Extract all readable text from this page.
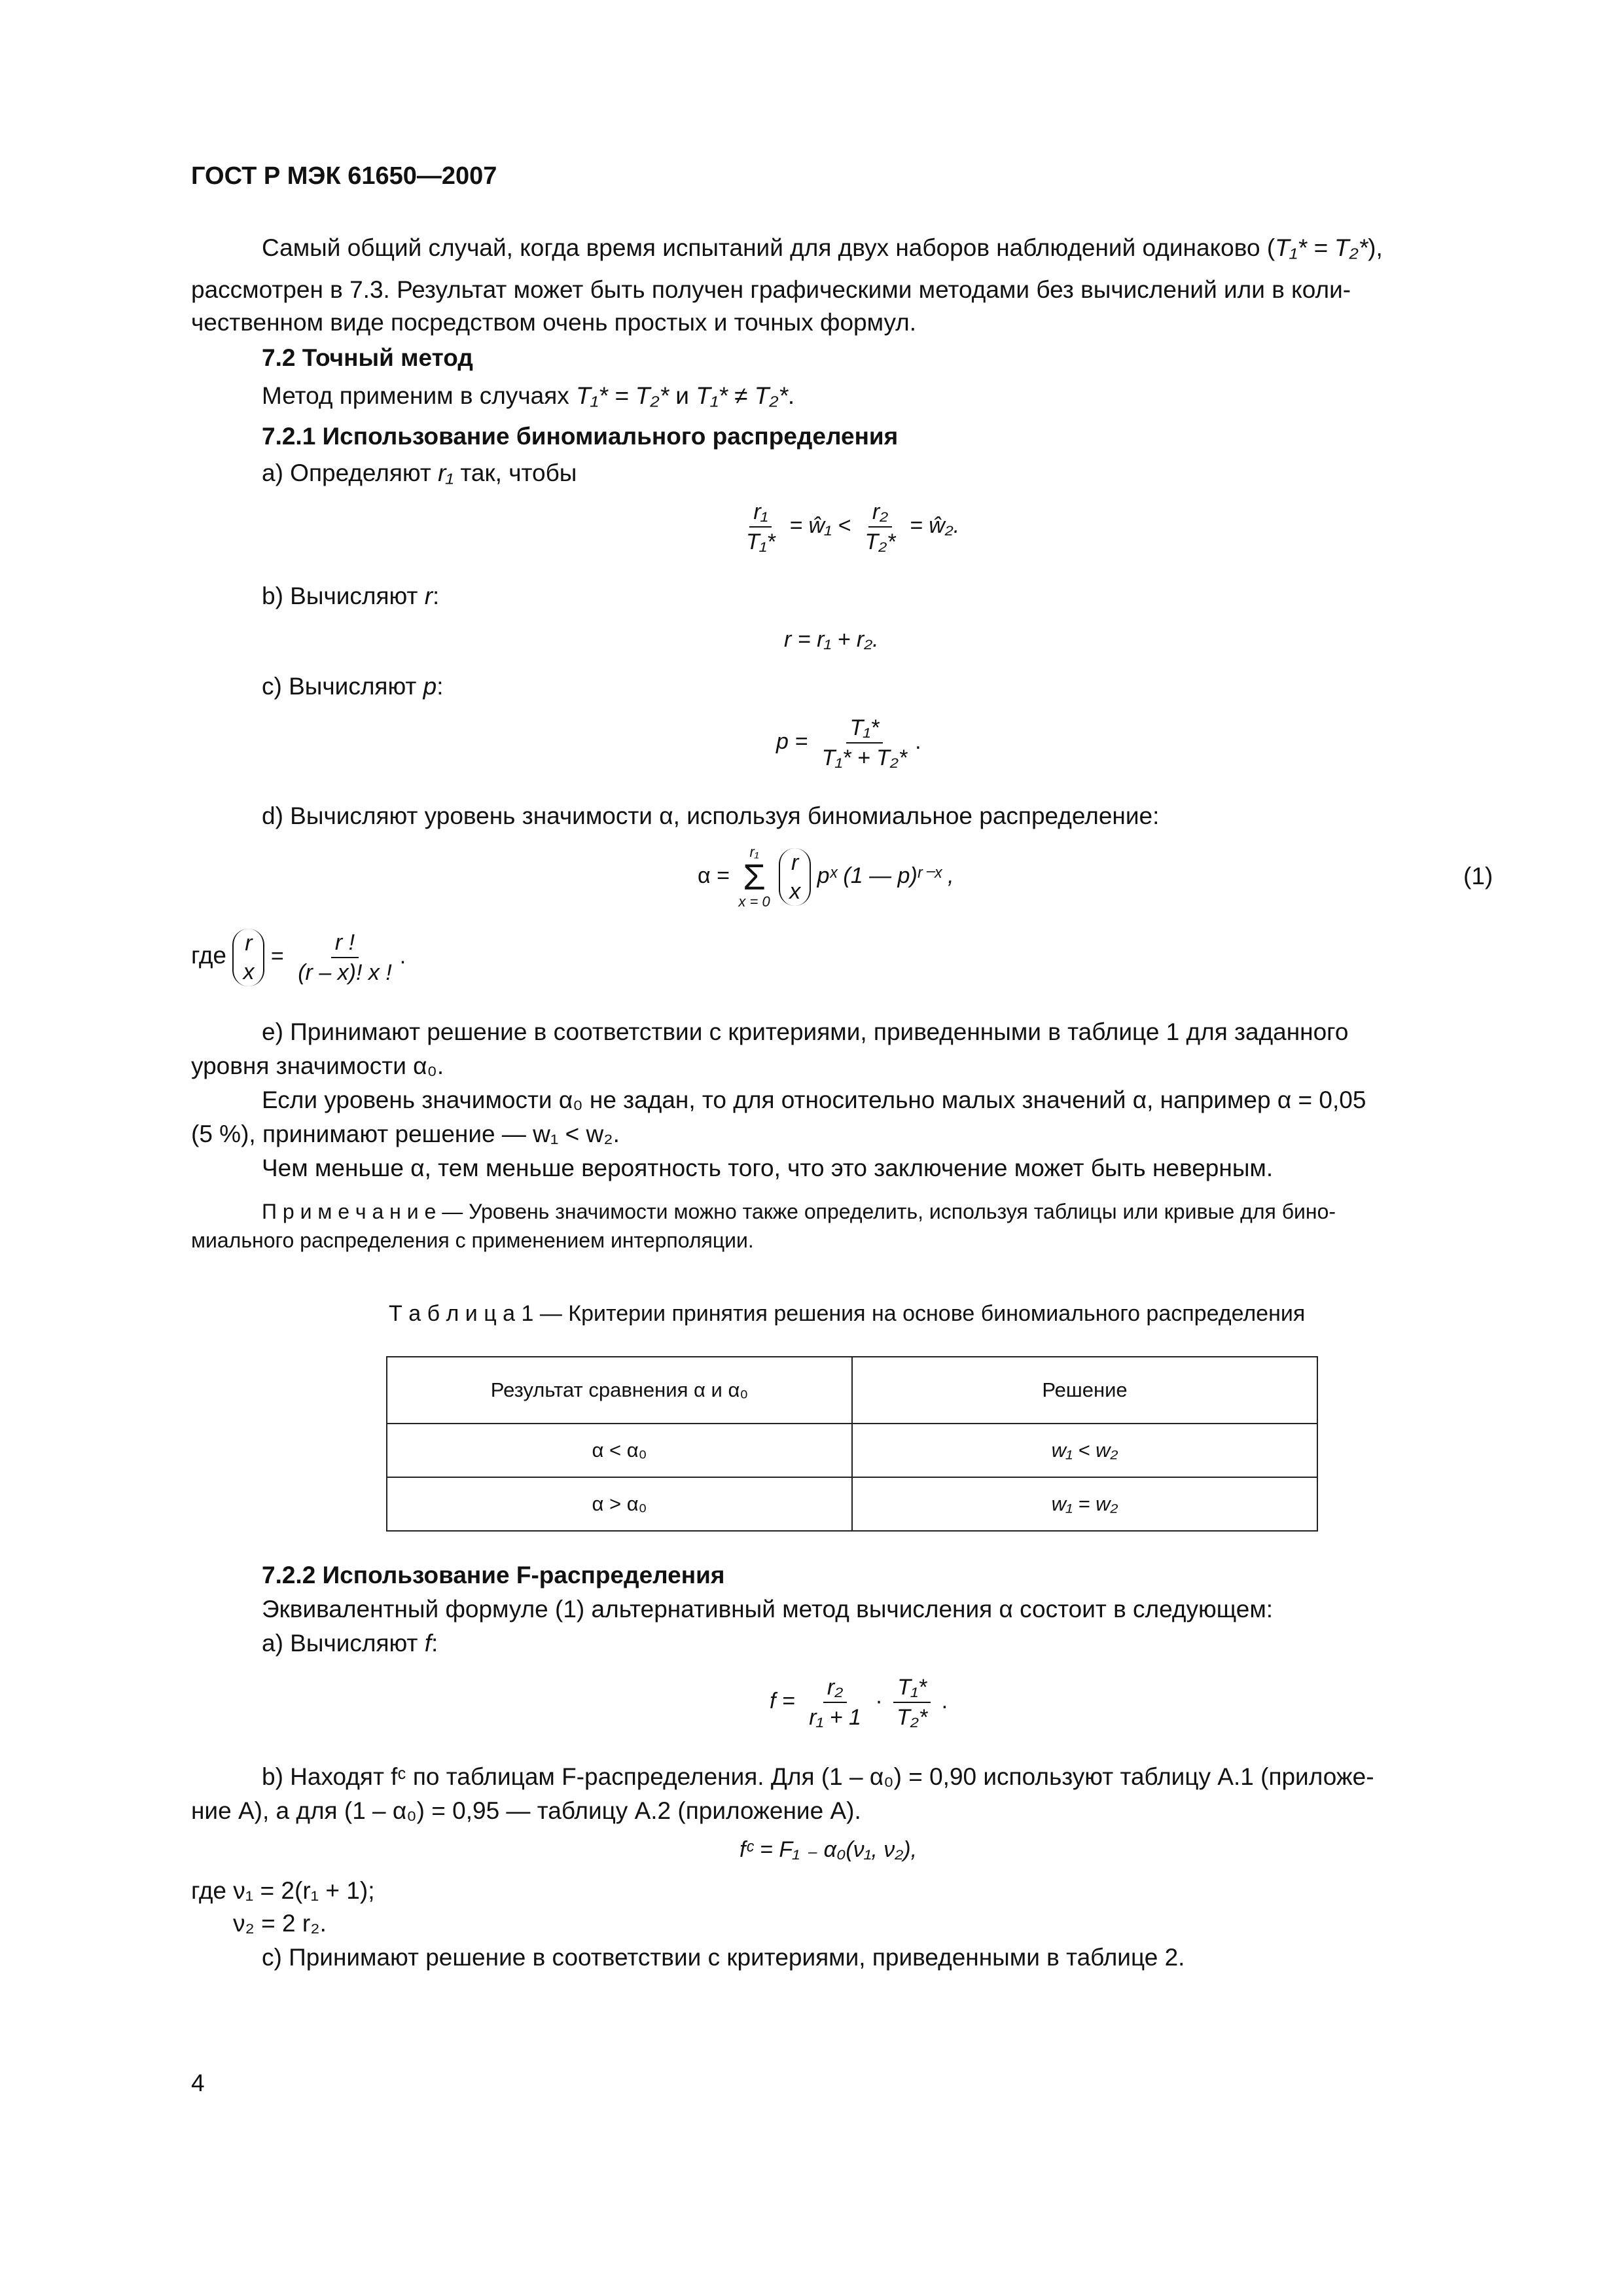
ГОСТ Р МЭК 61650—2007
Самый общий случай, когда время испытаний для двух наборов наблюдений одинаково (T₁* = T₂*),
рассмотрен в 7.3. Результат может быть получен графическими методами без вычислений или в коли-
чественном виде посредством очень простых и точных формул.
7.2 Точный метод
Метод применим в случаях T₁* = T₂* и T₁* ≠ T₂*.
7.2.1 Использование биномиального распределения
а) Определяют r₁ так, чтобы
$\frac{\text{r₁}}{\text{T₁*}}$ = ŵ₁ < $\frac{\text{r₂}}{\text{T₂*}}$ = ŵ₂.
b) Вычисляют r:
r = r₁ + r₂.
с) Вычисляют p:
$p = \frac{\text{T₁*}}{\text{T₁* + T₂*}}$ .
d) Вычисляют уровень значимости α, используя биномиальное распределение:
α =
r₁
Σ
x = 0

r
x
pˣ (1 — p)ʳ⁻ˣ ,	(1)
где r
x
= $\frac{r !}{(r - x)! x !}$ .
е) Принимают решение в соответствии с критериями, приведенными в таблице 1 для заданного
уровня значимости α₀.
Если уровень значимости α₀ не задан, то для относительно малых значений α, например α = 0,05
(5 %), принимают решение — w₁ < w₂.
Чем меньше α, тем меньше вероятность того, что это заключение может быть неверным.
П р и м е ч а н и е — Уровень значимости можно также определить, используя таблицы или кривые для бино-
миального распределения с применением интерполяции.
Т а б л и ц а 1 — Критерии принятия решения на основе биномиального распределения
Результат сравнения α и α₀	Решение
α < α₀	w₁ < w₂
α > α₀	w₁ = w₂
7.2.2 Использование F-распределения
Эквивалентный формуле (1) альтернативный метод вычисления α состоит в следующем:
а) Вычисляют f:
$f = \frac{\text{r₂}}{\text{r₁ + 1}} \cdot \frac{\text{T₁*}}{\text{T₂*}}$ .
b) Находят fᶜ по таблицам F-распределения. Для (1 – α₀) = 0,90 используют таблицу А.1 (приложе-
ние А), а для (1 – α₀) = 0,95 — таблицу А.2 (приложение А).
fᶜ = F₁ ₋ α₀(ν₁, ν₂),
где ν₁ = 2(r₁ + 1);
ν₂ = 2 r₂.
с) Принимают решение в соответствии с критериями, приведенными в таблице 2.
4
